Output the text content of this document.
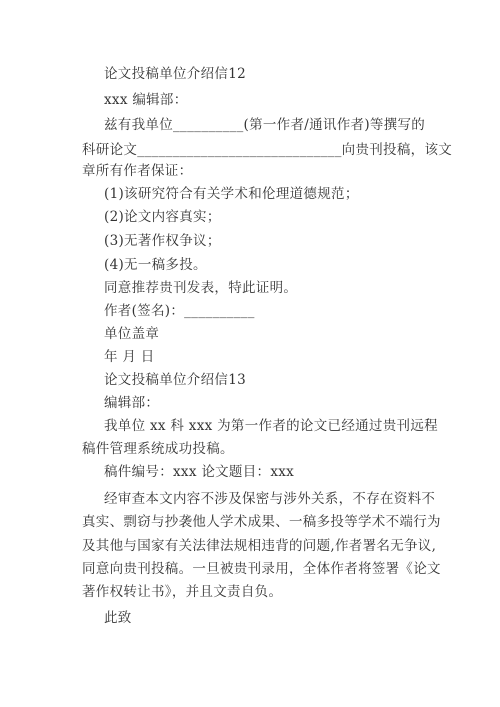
论文投稿单位介绍信12
xxx 编辑部：
兹有我单位__________(第一作者/通讯作者)等撰写的
科研论文_____________________________向贵刊投稿，该文
章所有作者保证：
(1)该研究符合有关学术和伦理道德规范；
(2)论文内容真实；
(3)无著作权争议；
(4)无一稿多投。
同意推荐贵刊发表，特此证明。
作者(签名)：__________
单位盖章
年 月 日
论文投稿单位介绍信13
编辑部：
我单位 xx 科 xxx 为第一作者的论文已经通过贵刊远程
稿件管理系统成功投稿。
稿件编号：xxx 论文题目：xxx
经审查本文内容不涉及保密与涉外关系，不存在资料不
真实、剽窃与抄袭他人学术成果、一稿多投等学术不端行为
及其他与国家有关法律法规相违背的问题,作者署名无争议,
同意向贵刊投稿。一旦被贵刊录用，全体作者将签署《论文
著作权转让书》，并且文责自负。
此致
